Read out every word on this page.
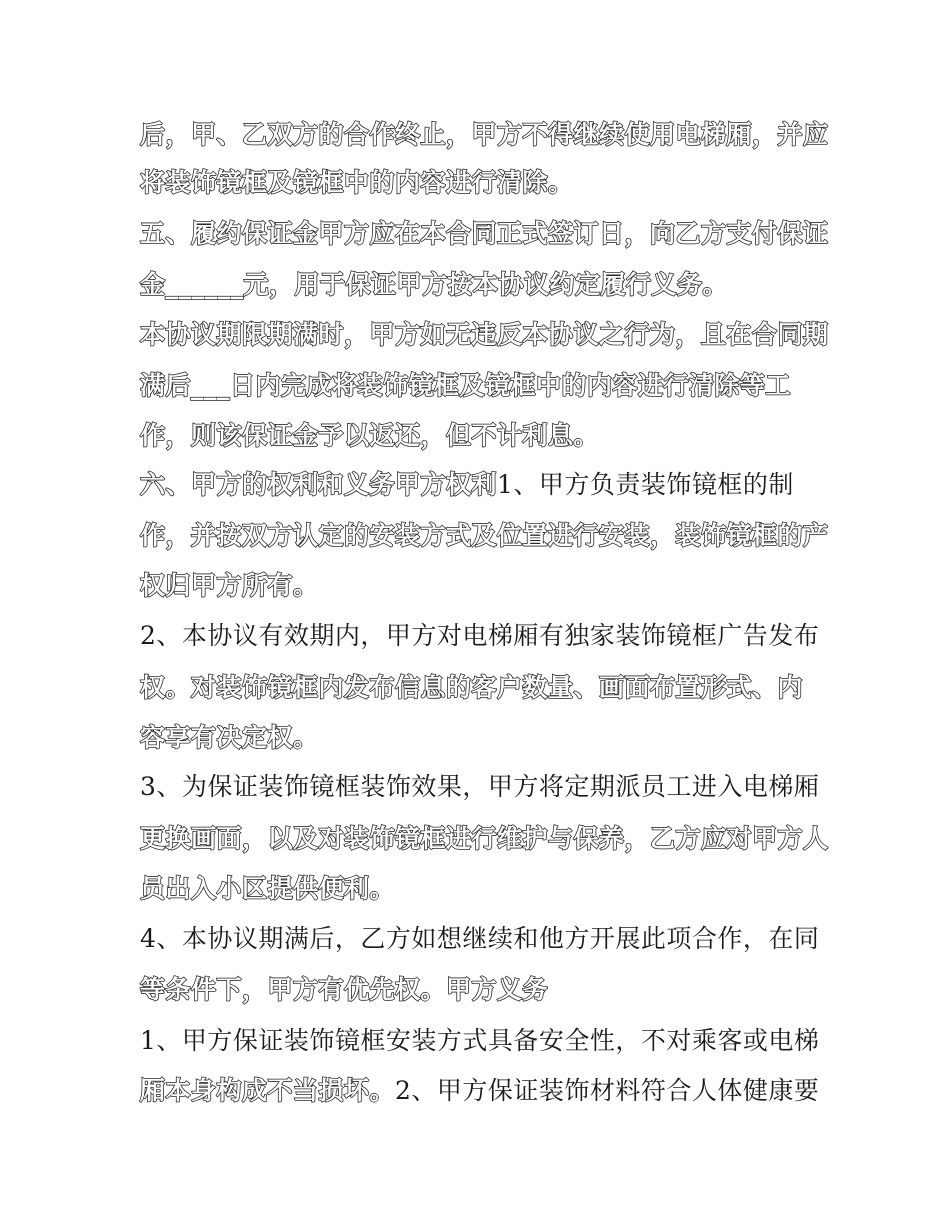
后，甲、乙双方的合作终止，甲方不得继续使用电梯厢，并应
将装饰镜框及镜框中的内容进行清除。
五、履约保证金甲方应在本合同正式签订日，向乙方支付保证
金______元，用于保证甲方按本协议约定履行义务。
本协议期限期满时，甲方如无违反本协议之行为，且在合同期
满后___日内完成将装饰镜框及镜框中的内容进行清除等工
作，则该保证金予以返还，但不计利息。
六、甲方的权利和义务甲方权利1、甲方负责装饰镜框的制
作，并按双方认定的安装方式及位置进行安装，装饰镜框的产
权归甲方所有。
2、本协议有效期内，甲方对电梯厢有独家装饰镜框广告发布
权。对装饰镜框内发布信息的客户数量、画面布置形式、内
容享有决定权。
3、为保证装饰镜框装饰效果，甲方将定期派员工进入电梯厢
更换画面，以及对装饰镜框进行维护与保养，乙方应对甲方人
员出入小区提供便利。
4、本协议期满后，乙方如想继续和他方开展此项合作，在同
等条件下，甲方有优先权。甲方义务
1、甲方保证装饰镜框安装方式具备安全性，不对乘客或电梯
厢本身构成不当损坏。2、甲方保证装饰材料符合人体健康要
